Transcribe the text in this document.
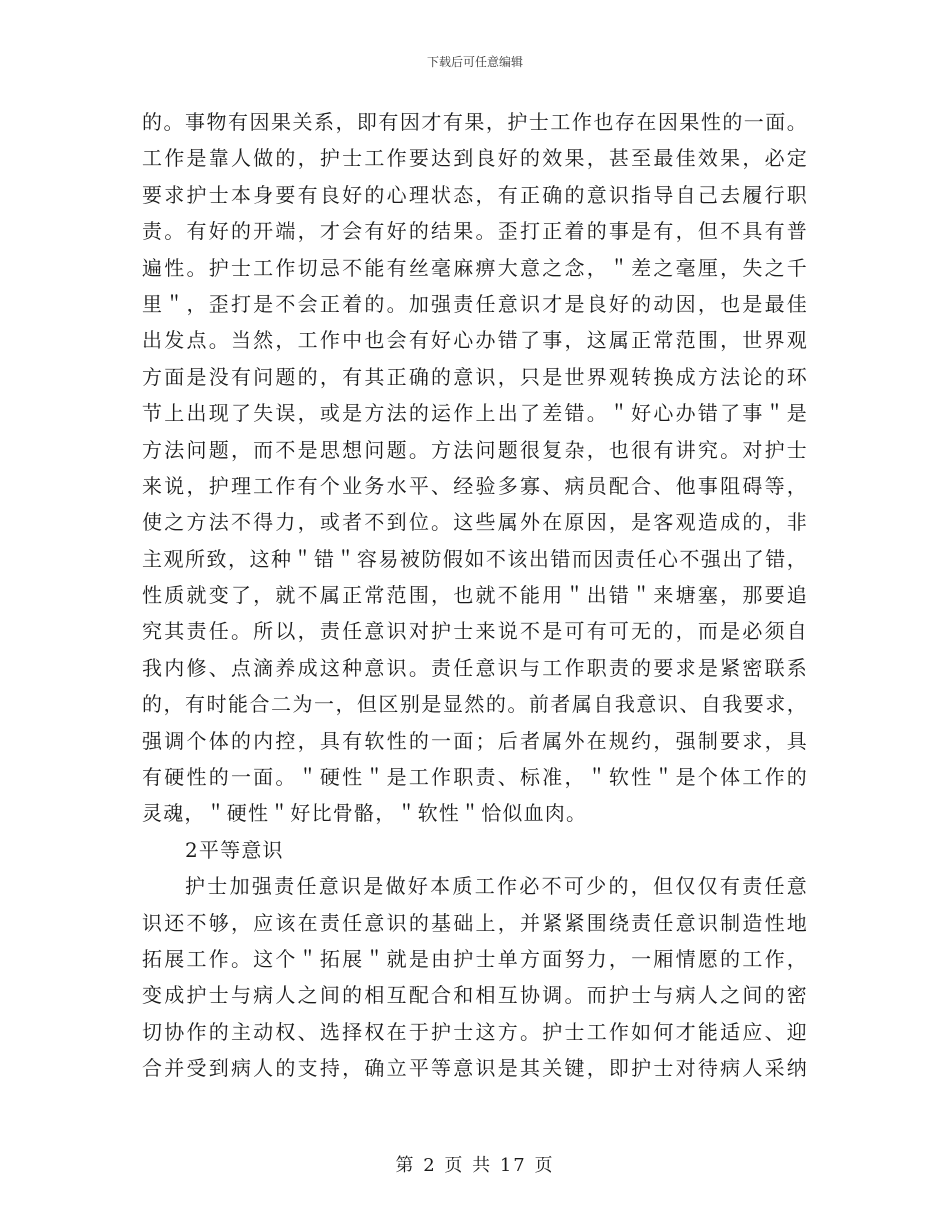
下载后可任意编辑
的。事物有因果关系，即有因才有果，护士工作也存在因果性的一面。
工作是靠人做的，护士工作要达到良好的效果，甚至最佳效果，必定
要求护士本身要有良好的心理状态，有正确的意识指导自己去履行职
责。有好的开端，才会有好的结果。歪打正着的事是有，但不具有普
遍性。护士工作切忌不能有丝毫麻痹大意之念，＂差之毫厘，失之千
里＂，歪打是不会正着的。加强责任意识才是良好的动因，也是最佳
出发点。当然，工作中也会有好心办错了事，这属正常范围，世界观
方面是没有问题的，有其正确的意识，只是世界观转换成方法论的环
节上出现了失误，或是方法的运作上出了差错。＂好心办错了事＂是
方法问题，而不是思想问题。方法问题很复杂，也很有讲究。对护士
来说，护理工作有个业务水平、经验多寡、病员配合、他事阻碍等，
使之方法不得力，或者不到位。这些属外在原因，是客观造成的，非
主观所致，这种＂错＂容易被防假如不该出错而因责任心不强出了错，
性质就变了，就不属正常范围，也就不能用＂出错＂来塘塞，那要追
究其责任。所以，责任意识对护士来说不是可有可无的，而是必须自
我内修、点滴养成这种意识。责任意识与工作职责的要求是紧密联系
的，有时能合二为一，但区别是显然的。前者属自我意识、自我要求，
强调个体的内控，具有软性的一面；后者属外在规约，强制要求，具
有硬性的一面。＂硬性＂是工作职责、标准，＂软性＂是个体工作的
灵魂，＂硬性＂好比骨骼，＂软性＂恰似血肉。
2平等意识
护士加强责任意识是做好本质工作必不可少的，但仅仅有责任意
识还不够，应该在责任意识的基础上，并紧紧围绕责任意识制造性地
拓展工作。这个＂拓展＂就是由护士单方面努力，一厢情愿的工作，
变成护士与病人之间的相互配合和相互协调。而护士与病人之间的密
切协作的主动权、选择权在于护士这方。护士工作如何才能适应、迎
合并受到病人的支持，确立平等意识是其关键，即护士对待病人采纳
第 2 页 共 17 页
